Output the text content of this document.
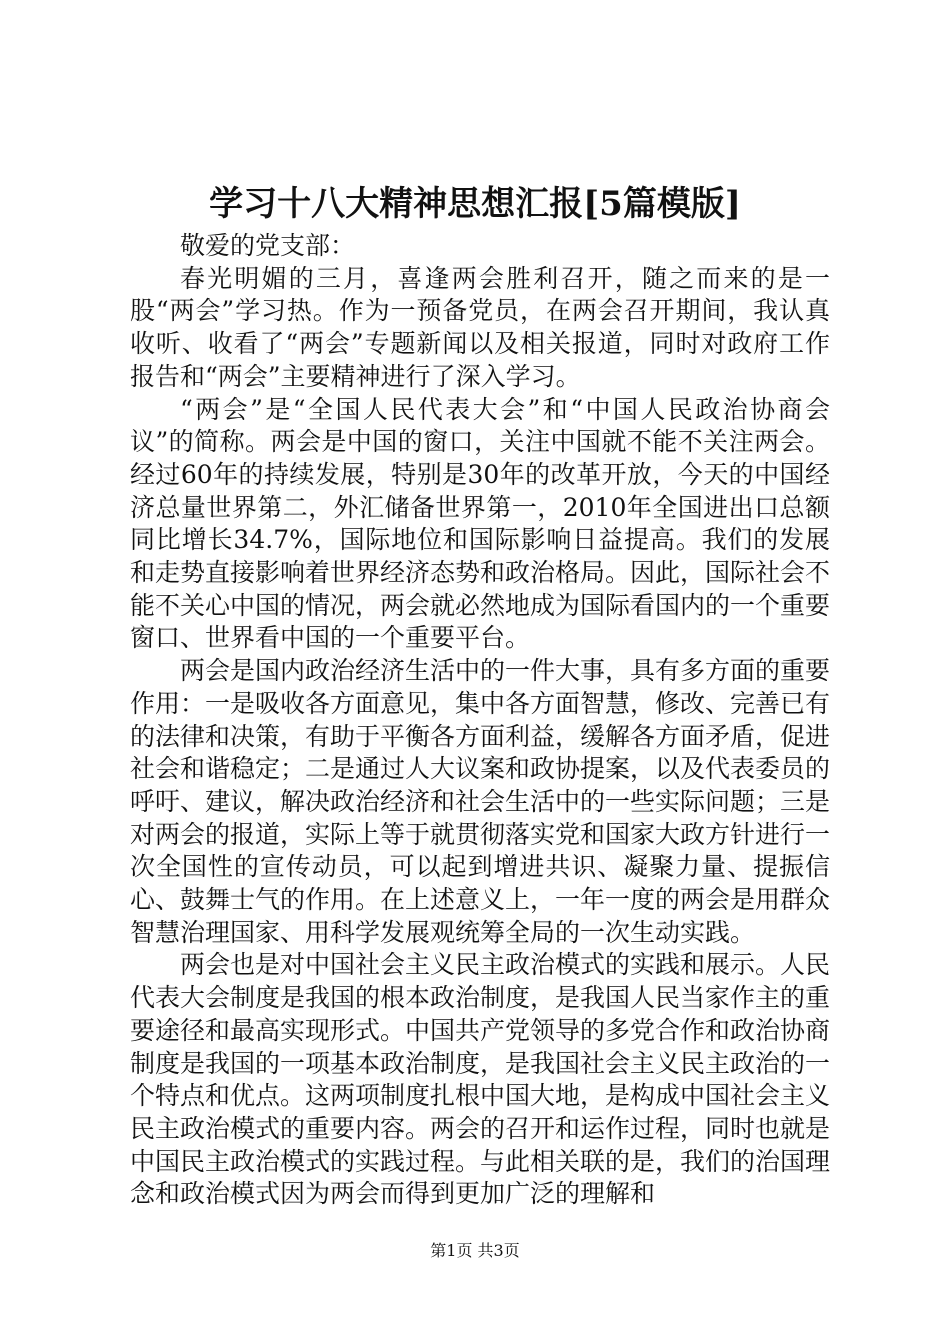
学习十八大精神思想汇报[5篇模版]

敬爱的党支部：

春光明媚的三月，喜逢两会胜利召开，随之而来的是一股“两会”学习热。作为一预备党员，在两会召开期间，我认真收听、收看了“两会”专题新闻以及相关报道，同时对政府工作报告和“两会”主要精神进行了深入学习。

“两会”是“全国人民代表大会”和“中国人民政治协商会议”的简称。两会是中国的窗口，关注中国就不能不关注两会。经过60年的持续发展，特别是30年的改革开放，今天的中国经济总量世界第二，外汇储备世界第一，2010年全国进出口总额同比增长34.7%，国际地位和国际影响日益提高。我们的发展和走势直接影响着世界经济态势和政治格局。因此，国际社会不能不关心中国的情况，两会就必然地成为国际看国内的一个重要窗口、世界看中国的一个重要平台。

两会是国内政治经济生活中的一件大事，具有多方面的重要作用：一是吸收各方面意见，集中各方面智慧，修改、完善已有的法律和决策，有助于平衡各方面利益，缓解各方面矛盾，促进社会和谐稳定；二是通过人大议案和政协提案，以及代表委员的呼吁、建议，解决政治经济和社会生活中的一些实际问题；三是对两会的报道，实际上等于就贯彻落实党和国家大政方针进行一次全国性的宣传动员，可以起到增进共识、凝聚力量、提振信心、鼓舞士气的作用。在上述意义上，一年一度的两会是用群众智慧治理国家、用科学发展观统筹全局的一次生动实践。

两会也是对中国社会主义民主政治模式的实践和展示。人民代表大会制度是我国的根本政治制度，是我国人民当家作主的重要途径和最高实现形式。中国共产党领导的多党合作和政治协商制度是我国的一项基本政治制度，是我国社会主义民主政治的一个特点和优点。这两项制度扎根中国大地，是构成中国社会主义民主政治模式的重要内容。两会的召开和运作过程，同时也就是中国民主政治模式的实践过程。与此相关联的是，我们的治国理念和政治模式因为两会而得到更加广泛的理解和

第1页 共3页
